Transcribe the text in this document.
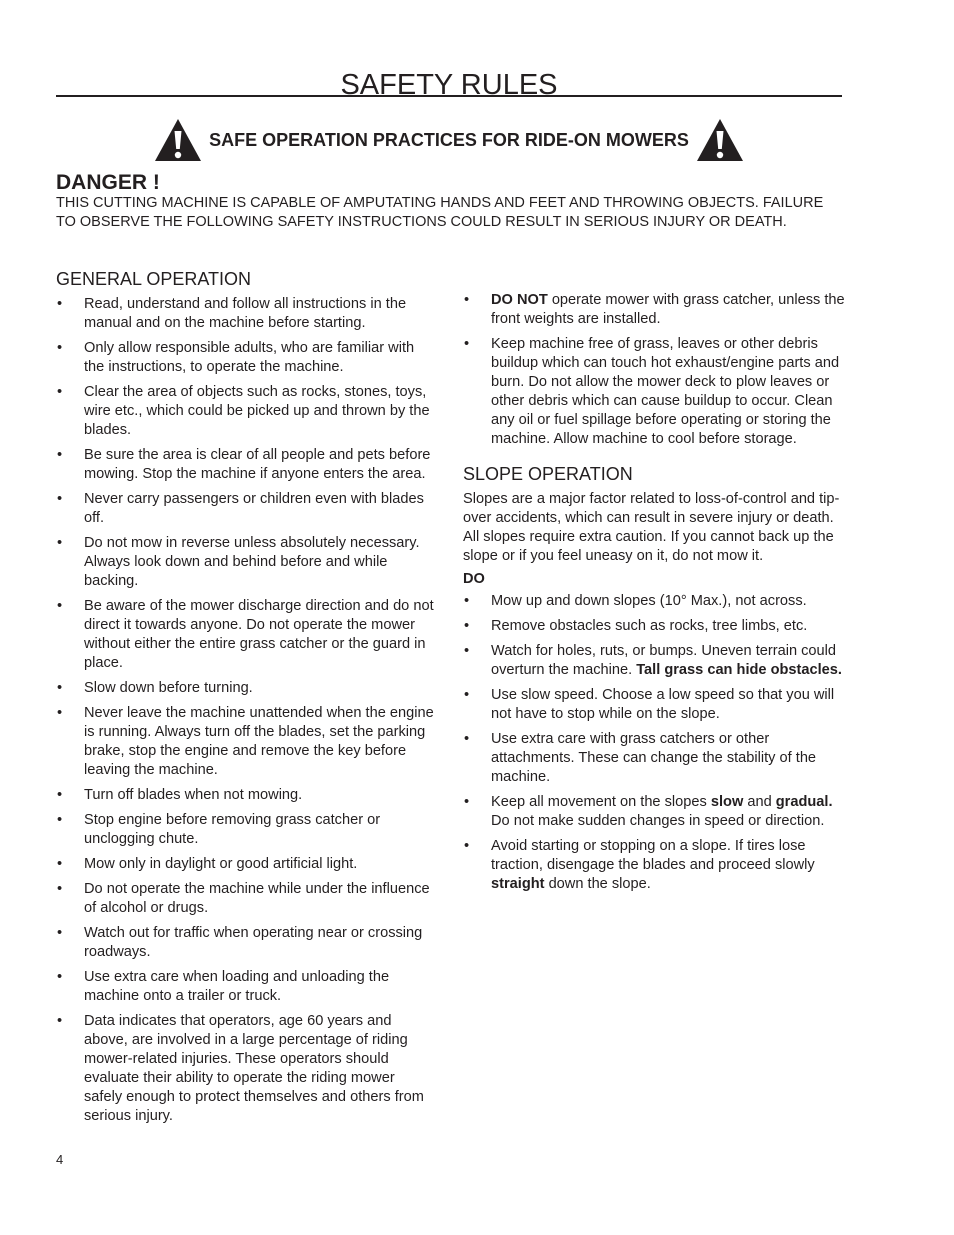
SAFETY RULES
SAFE OPERATION PRACTICES FOR RIDE-ON MOWERS
DANGER !
THIS CUTTING MACHINE IS CAPABLE OF AMPUTATING HANDS AND FEET AND THROWING OBJECTS. FAILURE TO OBSERVE THE FOLLOWING SAFETY INSTRUCTIONS COULD RESULT IN SERIOUS INJURY OR DEATH.
GENERAL OPERATION
• Read, understand and follow all instructions in the manual and on the machine before starting.
• Only allow responsible adults, who are familiar with the instructions, to operate the machine.
• Clear the area of objects such as rocks, stones, toys, wire etc., which could be picked up and thrown by the blades.
• Be sure the area is clear of all people and pets before mowing. Stop the machine if anyone enters the area.
• Never carry passengers or children even with blades off.
• Do not mow in reverse unless absolutely necessary. Always look down and behind before and while backing.
• Be aware of the mower discharge direction and do not direct it towards anyone. Do not operate the mower without either the entire grass catcher or the guard in place.
• Slow down before turning.
• Never leave the machine unattended when the engine is running. Always turn off the blades, set the parking brake, stop the engine and remove the key before leaving the machine.
• Turn off blades when not mowing.
• Stop engine before removing grass catcher or unclogging chute.
• Mow only in daylight or good artificial light.
• Do not operate the machine while under the influence of alcohol or drugs.
• Watch out for traffic when operating near or crossing roadways.
• Use extra care when loading and unloading the machine onto a trailer or truck.
• Data indicates that operators, age 60 years and above, are involved in a large percentage of riding mower-related injuries. These operators should evaluate their ability to operate the riding mower safely enough to protect themselves and others from serious injury.
• DO NOT operate mower with grass catcher, unless the front weights are installed.
• Keep machine free of grass, leaves or other debris buildup which can touch hot exhaust/engine parts and burn. Do not allow the mower deck to plow leaves or other debris which can cause buildup to occur. Clean any oil or fuel spillage before operating or storing the machine. Allow machine to cool before storage.
SLOPE OPERATION

Slopes are a major factor related to loss-of-control and tip-over accidents, which can result in severe injury or death. All slopes require extra caution. If you cannot back up the slope or if you feel uneasy on it, do not mow it.

DO

• Mow up and down slopes (10° Max.), not across.
• Remove obstacles such as rocks, tree limbs, etc.
• Watch for holes, ruts, or bumps. Uneven terrain could overturn the machine. Tall grass can hide obstacles.
• Use slow speed. Choose a low speed so that you will not have to stop while on the slope.
• Use extra care with grass catchers or other attachments. These can change the stability of the machine.
• Keep all movement on the slopes slow and gradual. Do not make sudden changes in speed or direction.
• Avoid starting or stopping on a slope. If tires lose traction, disengage the blades and proceed slowly straight down the slope.
4
